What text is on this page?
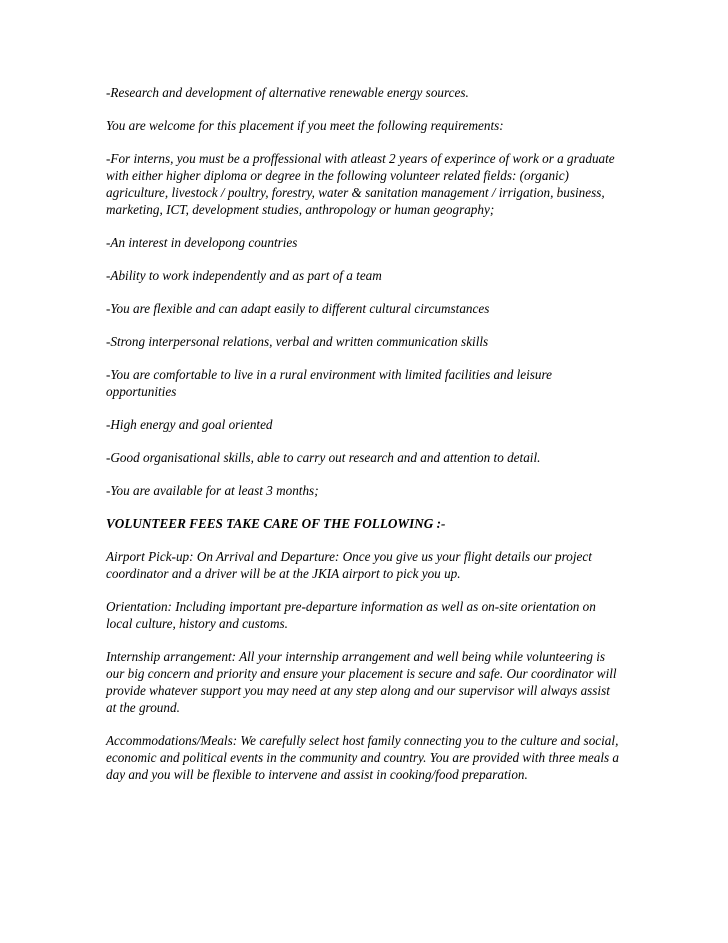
-Research and development of alternative renewable energy sources.

You are welcome for this placement if you meet the following requirements:

-For interns, you must be a proffessional with atleast 2 years of experince of work or a graduate with either higher diploma or degree in the following volunteer related fields: (organic) agriculture, livestock / poultry, forestry, water & sanitation management / irrigation, business, marketing, ICT, development studies, anthropology or human geography;

-An interest in developong countries

-Ability to work independently and as part of a team

-You are flexible and can adapt easily to different cultural circumstances

-Strong interpersonal relations, verbal and written communication skills

-You are comfortable to live in a rural environment with limited facilities and leisure opportunities

-High energy and goal oriented

-Good organisational skills, able to carry out research and and attention to detail.

-You are available for at least 3 months;

VOLUNTEER FEES TAKE CARE OF THE FOLLOWING :-

Airport Pick-up: On Arrival and Departure: Once you give us your flight details our project coordinator and a driver will be at the JKIA airport to pick you up.

Orientation: Including important pre-departure information as well as on-site orientation on local culture, history and customs.

Internship arrangement: All your internship arrangement and well being while volunteering is our big concern and priority and ensure your placement is secure and safe. Our coordinator will provide whatever support you may need at any step along and our supervisor will always assist at the ground.

Accommodations/Meals: We carefully select host family connecting you to the culture and social, economic and political events in the community and country. You are provided with three meals a day and you will be flexible to intervene and assist in cooking/food preparation.
